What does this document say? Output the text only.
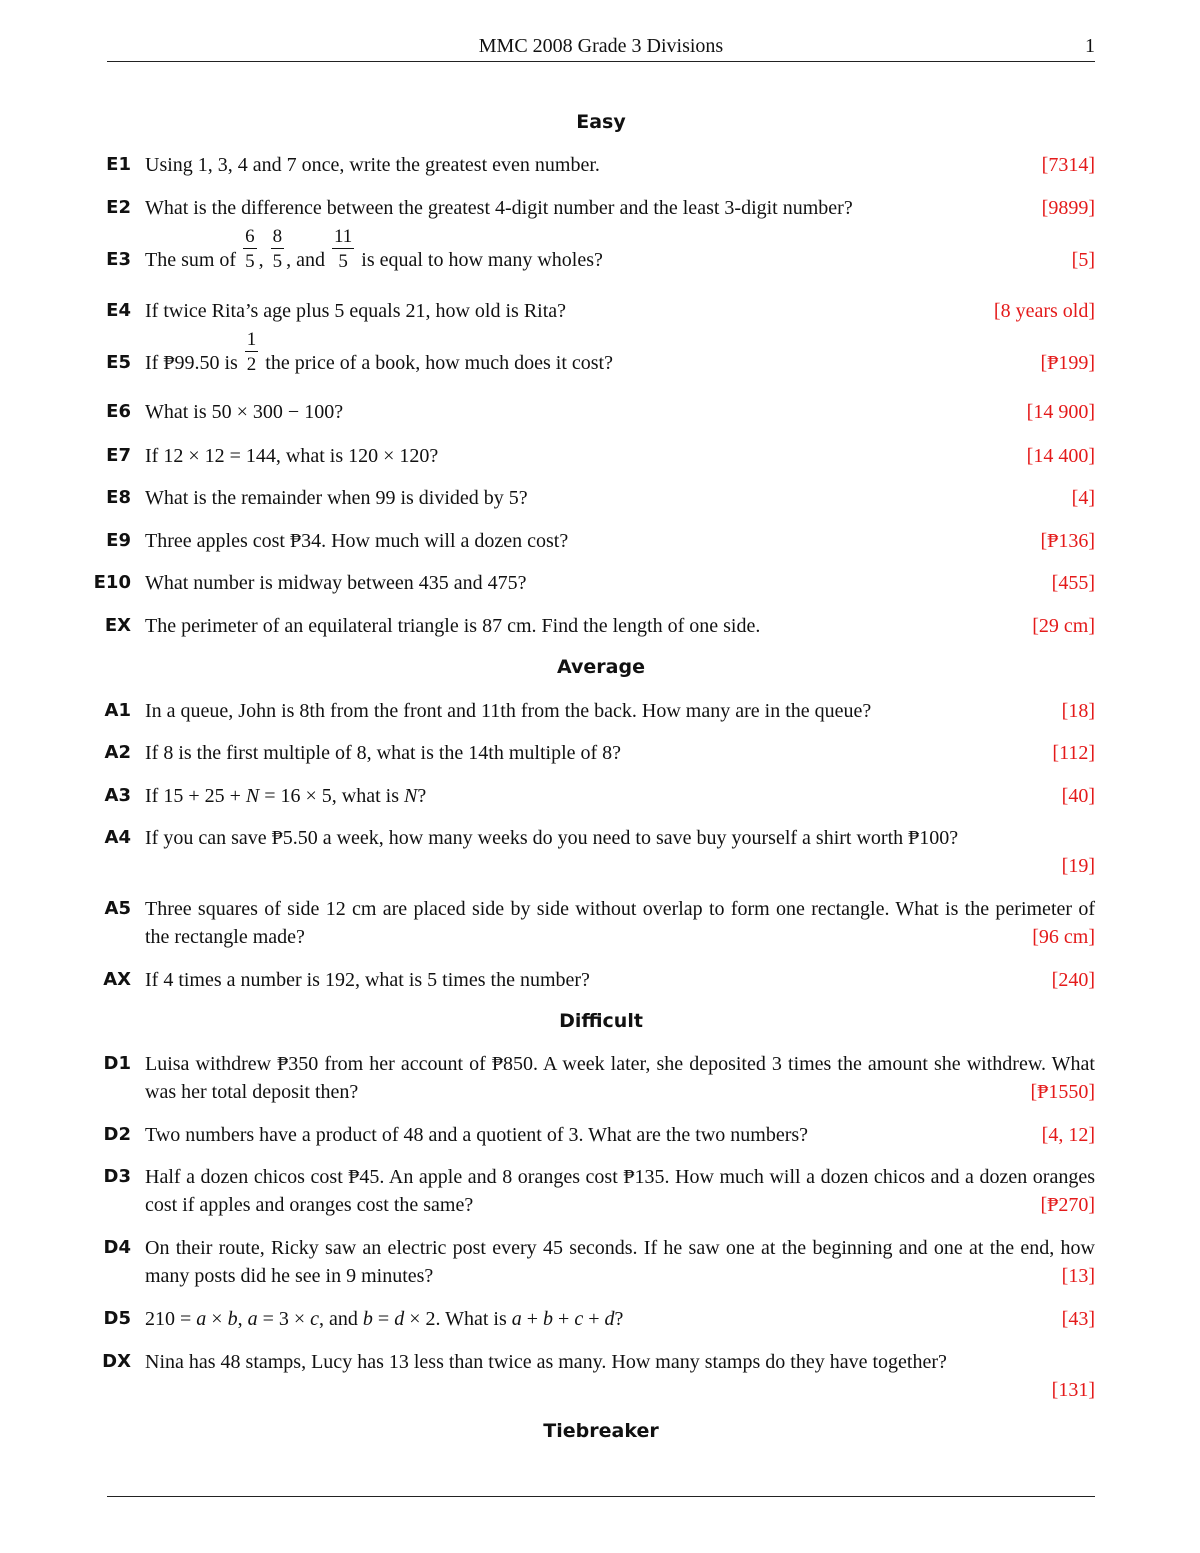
MMC 2008 Grade 3 Divisions	1
Easy
E1 Using 1, 3, 4 and 7 once, write the greatest even number.	[7314]
E2 What is the difference between the greatest 4-digit number and the least 3-digit number?	[9899]
E3 The sum of $\frac{6}{5}$ , $\frac{8}{5}$ , and $\frac{11}{5}$ is equal to how many wholes?	[5]
E4 If twice Rita’s age plus 5 equals 21, how old is Rita?	[8 years old]
E5 If ₱99.50 is $\frac{1}{2}$ the price of a book, how much does it cost?	[₱199]
E6 What is 50 × 300 − 100?	[14 900]
E7 If 12 × 12 = 144, what is 120 × 120?	[14 400]
E8 What is the remainder when 99 is divided by 5?	[4]
E9 Three apples cost ₱34. How much will a dozen cost?	[₱136]
E10 What number is midway between 435 and 475?	[455]
EX The perimeter of an equilateral triangle is 87 cm. Find the length of one side.	[29 cm]
Average
A1 In a queue, John is 8th from the front and 11th from the back. How many are in the queue?	[18]
A2 If 8 is the first multiple of 8, what is the 14th multiple of 8?	[112]
A3 If 15 + 25 + N = 16 × 5, what is N?	[40]
A4 If you can save ₱5.50 a week, how many weeks do you need to save buy yourself a shirt worth ₱100?
[19]
A5 Three squares of side 12 cm are placed side by side without overlap to form one rectangle. What is the perimeter of the rectangle made?	[96 cm]
AX If 4 times a number is 192, what is 5 times the number?	[240]
Difficult
D1 Luisa withdrew ₱350 from her account of ₱850. A week later, she deposited 3 times the amount she withdrew. What was her total deposit then?	[₱1550]
D2 Two numbers have a product of 48 and a quotient of 3. What are the two numbers?	[4, 12]
D3 Half a dozen chicos cost ₱45. An apple and 8 oranges cost ₱135. How much will a dozen chicos and a dozen oranges cost if apples and oranges cost the same?	[₱270]
D4 On their route, Ricky saw an electric post every 45 seconds. If he saw one at the beginning and one at the end, how many posts did he see in 9 minutes?	[13]
D5 210 = a × b, a = 3 × c, and b = d × 2. What is a + b + c + d?	[43]
DX Nina has 48 stamps, Lucy has 13 less than twice as many. How many stamps do they have together?
[131]
Tiebreaker
